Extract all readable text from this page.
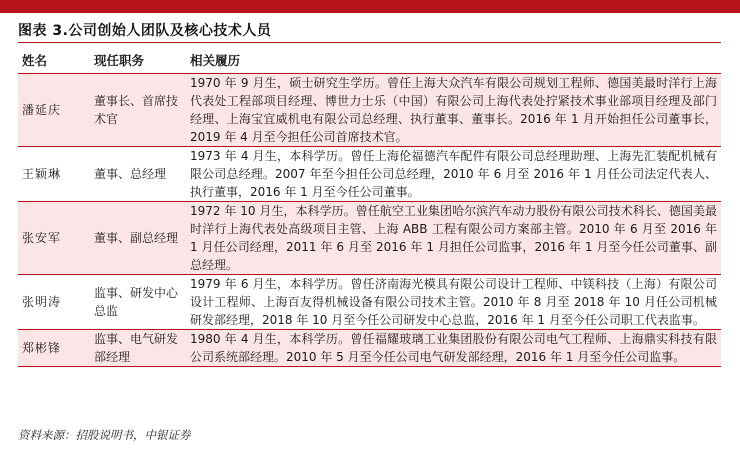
图表 3.公司创始人团队及核心技术人员
姓名	现任职务	相关履历
潘延庆	董事长、首席技术官	1970 年 9 月生，硕士研究生学历。曾任上海大众汽车有限公司规划工程师、德国美最时洋行上海代表处工程部项目经理、博世力士乐（中国）有限公司上海代表处拧紧技术事业部项目经理及部门经理、上海宝宜威机电有限公司总经理、执行董事、董事长。2016 年 1 月开始担任公司董事长，2019 年 4 月至今担任公司首席技术官。
王颖琳	董事、总经理	1973 年 4 月生，本科学历。曾任上海伦福德汽车配件有限公司总经理助理、上海先汇装配机械有限公司总经理。2007 年至今担任公司总经理，2010 年 6 月至 2016 年 1 月任公司法定代表人、执行董事，2016 年 1 月至今任公司董事。
张安军	董事、副总经理	1972 年 10 月生，本科学历。曾任航空工业集团哈尔滨汽车动力股份有限公司技术科长、德国美最时洋行上海代表处高级项目主管、上海 ABB 工程有限公司方案部主管。2010 年 6 月至 2016 年 1 月任公司经理，2011 年 6 月至 2016 年 1 月担任公司监事，2016 年 1 月至今任公司董事、副总经理。
张明涛	监事、研发中心总监	1979 年 6 月生，本科学历。曾任济南海光模具有限公司设计工程师、中镁科技（上海）有限公司设计工程师、上海百友得机械设备有限公司技术主管。2010 年 8 月至 2018 年 10 月任公司机械研发部经理，2018 年 10 月至今任公司研发中心总监，2016 年 1 月至今任公司职工代表监事。
郑彬锋	监事、电气研发部经理	1980 年 4 月生，本科学历。曾任福耀玻璃工业集团股份有限公司电气工程师、上海鼎实科技有限公司系统部经理。2010 年 5 月至今任公司电气研发部经理，2016 年 1 月至今任公司监事。
资料来源：招股说明书，中银证券
